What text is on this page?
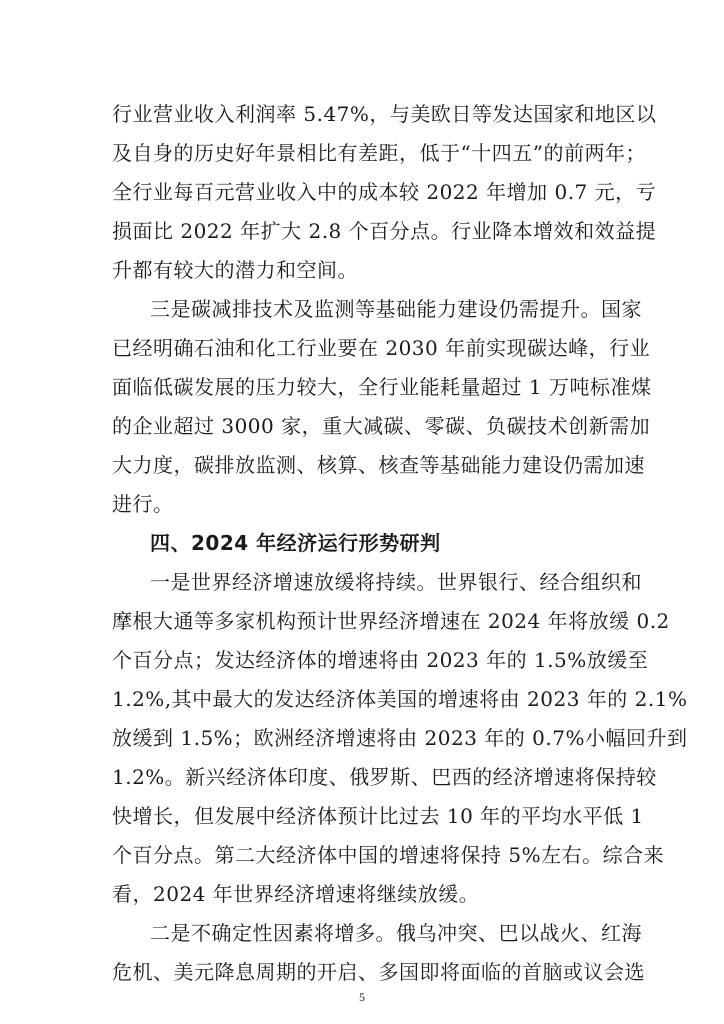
行业营业收入利润率 5.47%，与美欧日等发达国家和地区以
及自身的历史好年景相比有差距，低于“十四五”的前两年；
全行业每百元营业收入中的成本较 2022 年增加 0.7 元，亏
损面比 2022 年扩大 2.8 个百分点。行业降本增效和效益提
升都有较大的潜力和空间。
三是碳减排技术及监测等基础能力建设仍需提升。国家
已经明确石油和化工行业要在 2030 年前实现碳达峰，行业
面临低碳发展的压力较大，全行业能耗量超过 1 万吨标准煤
的企业超过 3000 家，重大减碳、零碳、负碳技术创新需加
大力度，碳排放监测、核算、核查等基础能力建设仍需加速
进行。
四、2024 年经济运行形势研判
一是世界经济增速放缓将持续。世界银行、经合组织和
摩根大通等多家机构预计世界经济增速在 2024 年将放缓 0.2
个百分点；发达经济体的增速将由 2023 年的 1.5%放缓至
1.2%,其中最大的发达经济体美国的增速将由 2023 年的 2.1%
放缓到 1.5%；欧洲经济增速将由 2023 年的 0.7%小幅回升到
1.2%。新兴经济体印度、俄罗斯、巴西的经济增速将保持较
快增长，但发展中经济体预计比过去 10 年的平均水平低 1
个百分点。第二大经济体中国的增速将保持 5%左右。综合来
看，2024 年世界经济增速将继续放缓。
二是不确定性因素将增多。俄乌冲突、巴以战火、红海
危机、美元降息周期的开启、多国即将面临的首脑或议会选
5
